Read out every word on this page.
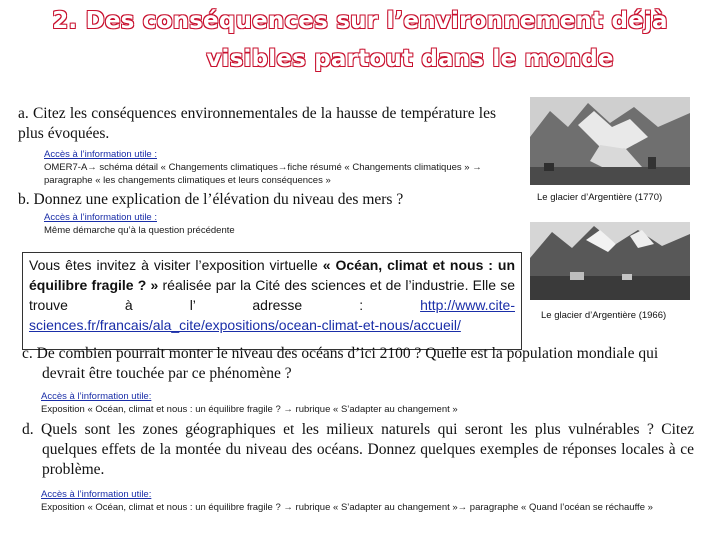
2. Des conséquences sur l’environnement déjà
visibles partout dans le monde
a. Citez les conséquences environnementales de la hausse de température les plus évoquées.
Accès à l’information utile :
OMER7-A→ schéma détail « Changements climatiques→fiche résumé « Changements climatiques » → paragraphe « les changements climatiques et leurs conséquences »
b. Donnez une explication de l’élévation du niveau des mers ?
Accès à l’information utile :
Même démarche qu’à la question précédente
Le glacier d’Argentière (1770)
Le glacier d’Argentière (1966)
Vous êtes invitez à visiter l’exposition virtuelle « Océan, climat et nous : un équilibre fragile ? » réalisée par la Cité des sciences et de l’industrie. Elle se trouve à l’ adresse : http://www.cite-sciences.fr/francais/ala_cite/expositions/ocean-climat-et-nous/accueil/
c. De combien pourrait monter le niveau des océans d’ici 2100 ? Quelle est la population mondiale qui devrait être touchée par ce phénomène ?
Accès à l’information utile:
Exposition « Océan, climat et nous : un équilibre fragile ? → rubrique « S’adapter au changement »
d. Quels sont les zones géographiques et les milieux naturels qui seront les plus vulnérables ? Citez quelques effets de la montée du niveau des océans. Donnez quelques exemples de réponses locales à ce problème.
Accès à l’information utile:
Exposition « Océan, climat et nous : un équilibre fragile ? → rubrique « S’adapter au changement »→ paragraphe « Quand l’océan se réchauffe »
